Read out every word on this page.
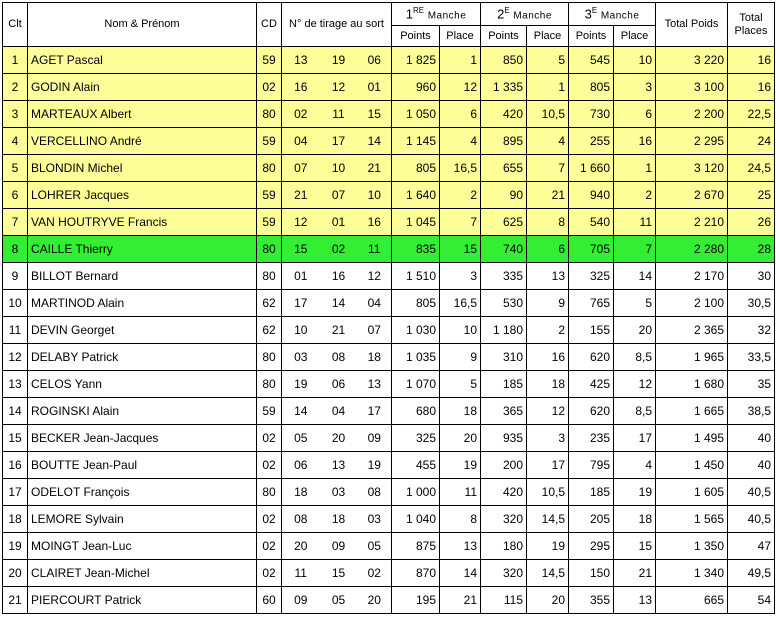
Clt	Nom & Prénom	CD	N° de tirage au sort			1RE Manche		$2^E$ Manche		$3^E$ Manche		Total Poids	Total Places
						Points	Place	Points	Place	Points	Place		
1	AGET Pascal	59	13	19	06	1 825	1	850	5	545	10	3 220	16
2	GODIN Alain	02	16	12	01	960	12	1 335	1	805	3	3 100	16
3	MARTEAUX Albert	80	02	11	15	1 050	6	420	10,5	730	6	2 200	22,5
4	VERCELLINO André	59	04	17	14	1 145	4	895	4	255	16	2 295	24
5	BLONDIN Michel	80	07	10	21	805	16,5	655	7	1 660	1	3 120	24,5
6	LOHRER Jacques	59	21	07	10	1 640	2	90	21	940	2	2 670	25
7	VAN HOUTRYVE Francis	59	12	01	16	1 045	7	625	8	540	11	2 210	26
8	CAILLE Thierry	80	15	02	11	835	15	740	6	705	7	2 280	28
9	BILLOT Bernard	80	01	16	12	1 510	3	335	13	325	14	2 170	30
10	MARTINOD Alain	62	17	14	04	805	16,5	530	9	765	5	2 100	30,5
11	DEVIN Georget	62	10	21	07	1 030	10	1 180	2	155	20	2 365	32
12	DELABY Patrick	80	03	08	18	1 035	9	310	16	620	8,5	1 965	33,5
13	CELOS Yann	80	19	06	13	1 070	5	185	18	425	12	1 680	35
14	ROGINSKI Alain	59	14	04	17	680	18	365	12	620	8,5	1 665	38,5
15	BECKER Jean-Jacques	02	05	20	09	325	20	935	3	235	17	1 495	40
16	BOUTTE Jean-Paul	02	06	13	19	455	19	200	17	795	4	1 450	40
17	ODELOT François	80	18	03	08	1 000	11	420	10,5	185	19	1 605	40,5
18	LEMORE Sylvain	02	08	18	03	1 040	8	320	14,5	205	18	1 565	40,5
19	MOINGT Jean-Luc	02	20	09	05	875	13	180	19	295	15	1 350	47
20	CLAIRET Jean-Michel	02	11	15	02	870	14	320	14,5	150	21	1 340	49,5
21	PIERCOURT Patrick	60	09	05	20	195	21	115	20	355	13	665	54
